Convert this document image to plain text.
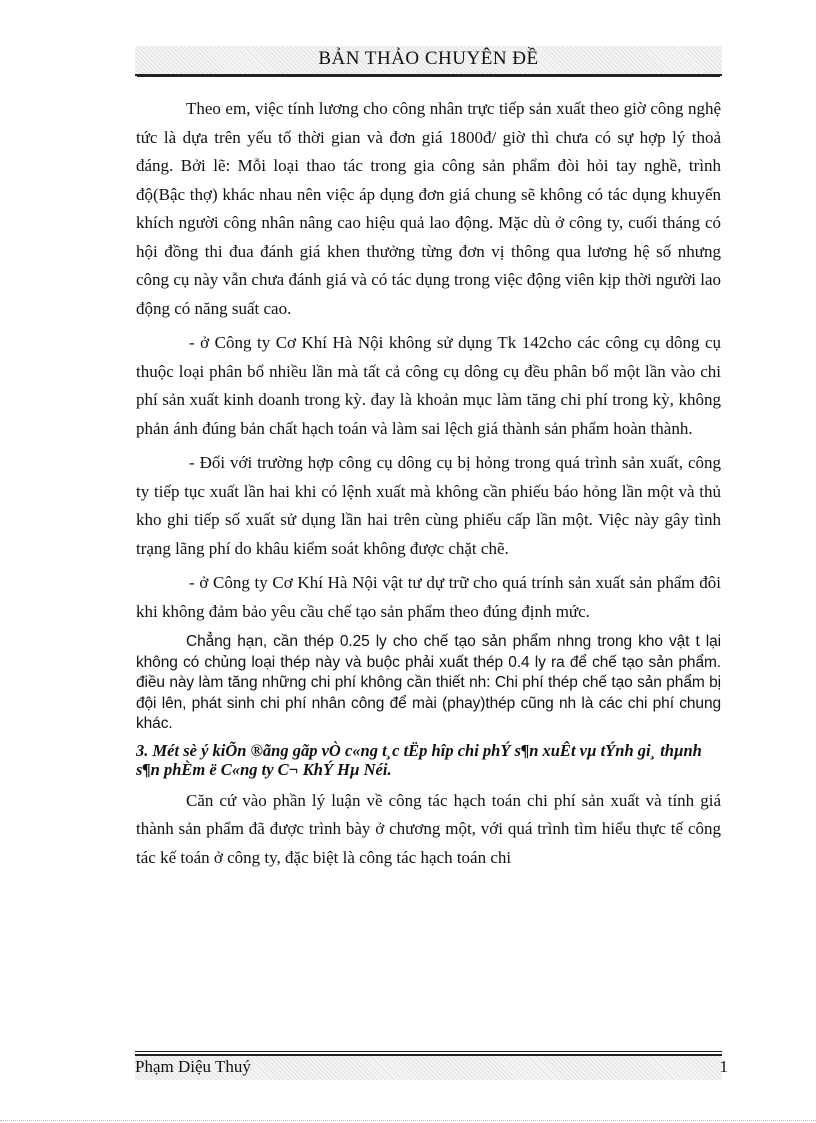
BẢN THẢO CHUYÊN ĐỀ

Theo em, việc tính lương cho công nhân trực tiếp sản xuất theo giờ công nghệ tức là dựa trên yếu tố thời gian và đơn giá 1800đ/ giờ thì chưa có sự hợp lý thoả đáng. Bởi lẽ: Mỗi loại thao tác trong gia công sản phẩm đòi hỏi tay nghề, trình độ(Bậc thợ) khác nhau nên việc áp dụng đơn giá chung sẽ không có tác dụng khuyến khích người công nhân nâng cao hiệu quả lao động. Mặc dù ở công ty, cuối tháng có hội đồng thi đua đánh giá khen thưởng từng đơn vị thông qua lương hệ số nhưng công cụ này vẫn chưa đánh giá và có tác dụng trong việc động viên kịp thời người lao động có năng suất cao.

- ở Công ty Cơ Khí Hà Nội không sử dụng Tk 142cho các công cụ dông cụ thuộc loại phân bổ nhiều lần mà tất cả công cụ dông cụ đều phân bổ một lần vào chi phí sản xuất kinh doanh trong kỳ. đay là khoản mục làm tăng chi phí trong kỳ, không phản ánh đúng bản chất hạch toán và làm sai lệch giá thành sản phẩm hoàn thành.

- Đối với trường hợp công cụ dông cụ bị hỏng trong quá trình sản xuất, công ty tiếp tục xuất lần hai khi có lệnh xuất mà không cần phiếu báo hỏng lần một và thủ kho ghi tiếp số xuất sử dụng lần hai trên cùng phiếu cấp lần một. Việc này gây tình trạng lãng phí do khâu kiểm soát không được chặt chẽ.

- ở Công ty Cơ Khí Hà Nội vật tư dự trữ cho quá trính sản xuất sản phẩm đôi khi không đảm bảo yêu cầu chế tạo sản phẩm theo đúng định mức.

Chẳng hạn, cần thép 0.25 ly cho chế tạo sản phẩm nhng trong kho vật t lại không có chủng loại thép này và buộc phải xuất thép 0.4 ly ra để chế tạo sản phẩm. điều này làm tăng những chi phí không cần thiết nh: Chi phí thép chế tạo sản phẩm bị đội lên, phát sinh chi phí nhân công để mài (phay)thép cũng nh là các chi phí chung khác.

3. Mét sè ý kiÕn ®ãng gãp vÒ c«ng t¸c tËp hîp chi phÝ s¶n xuÊt vµ tÝnh gi¸ thµnh s¶n phÈm ë C«ng ty C¬ KhÝ Hµ Néi.

Căn cứ vào phần lý luận về công tác hạch toán chi phí sản xuất và tính giá thành sản phẩm đã được trình bày ở chương một, với quá trình tìm hiểu thực tế công tác kế toán ở công ty, đặc biệt là công tác hạch toán chi

Phạm Diệu Thuý	1
